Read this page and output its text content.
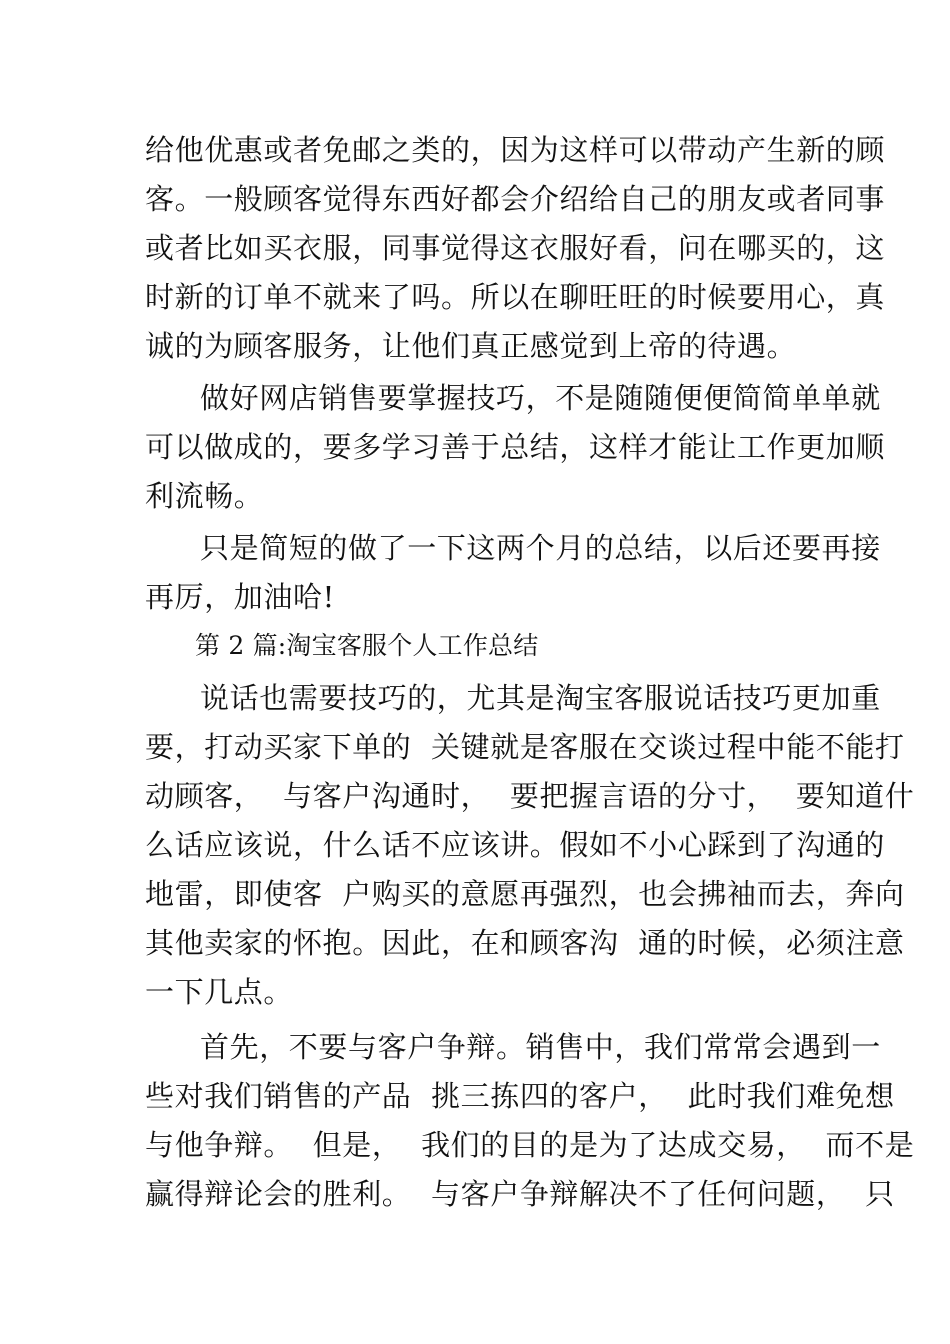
给他优惠或者免邮之类的，因为这样可以带动产生新的顾

客。一般顾客觉得东西好都会介绍给自己的朋友或者同事

或者比如买衣服，同事觉得这衣服好看，问在哪买的，这

时新的订单不就来了吗。所以在聊旺旺的时候要用心，真

诚的为顾客服务，让他们真正感觉到上帝的待遇。

做好网店销售要掌握技巧，不是随随便便简简单单就

可以做成的，要多学习善于总结，这样才能让工作更加顺

利流畅。

只是简短的做了一下这两个月的总结，以后还要再接

再厉，加油哈!

第 2 篇:淘宝客服个人工作总结

说话也需要技巧的，尤其是淘宝客服说话技巧更加重

要，打动买家下单的  关键就是客服在交谈过程中能不能打

动顾客，  与客户沟通时，  要把握言语的分寸，  要知道什

么话应该说，什么话不应该讲。假如不小心踩到了沟通的

地雷，即使客  户购买的意愿再强烈，也会拂袖而去，奔向

其他卖家的怀抱。因此，在和顾客沟  通的时候，必须注意

一下几点。

首先，不要与客户争辩。销售中，我们常常会遇到一

些对我们销售的产品  挑三拣四的客户，  此时我们难免想

与他争辩。  但是，  我们的目的是为了达成交易，  而不是

赢得辩论会的胜利。  与客户争辩解决不了任何问题，  只
